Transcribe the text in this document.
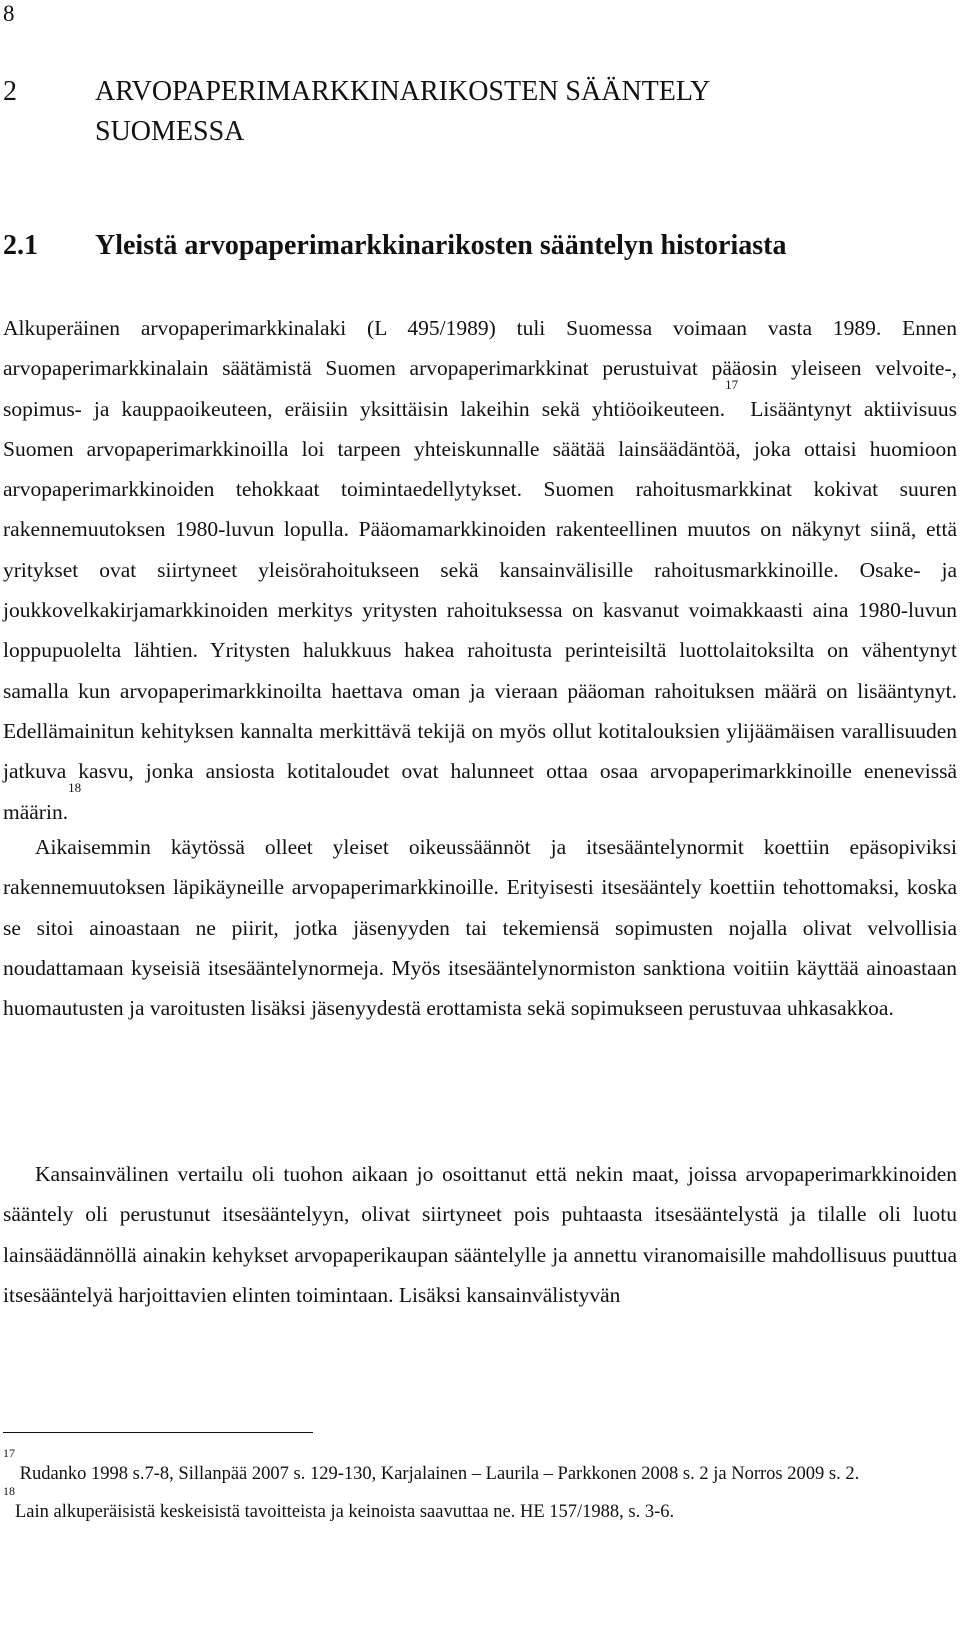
8
2	ARVOPAPERIMARKKINARIKOSTEN SÄÄNTELY SUOMESSA
2.1	Yleistä arvopaperimarkkinarikosten sääntelyn historiasta

Alkuperäinen arvopaperimarkkinalaki (L 495/1989) tuli Suomessa voimaan vasta 1989. Ennen arvopaperimarkkinalain säätämistä Suomen arvopaperimarkkinat perustuivat pääosin yleiseen velvoite-, sopimus- ja kauppaoikeuteen, eräisiin yksittäisin lakeihin sekä yhtiöoikeuteen.$^{17}$ Lisääntynyt aktiivisuus Suomen arvopaperimarkkinoilla loi tarpeen yhteiskunnalle säätää lainsäädäntöä, joka ottaisi huomioon arvopaperimarkkinoiden tehokkaat toimintaedellytykset. Suomen rahoitusmarkkinat kokivat suuren rakennemuutoksen 1980-luvun lopulla. Pääomamarkkinoiden rakenteellinen muutos on näkynyt siinä, että yritykset ovat siirtyneet yleisörahoitukseen sekä kansainvälisille rahoitusmarkkinoille. Osake- ja joukkovelkakirjamarkkinoiden merkitys yritysten rahoituksessa on kasvanut voimakkaasti aina 1980-luvun loppupuolelta lähtien. Yritysten halukkuus hakea rahoitusta perinteisiltä luottolaitoksilta on vähentynyt samalla kun arvopaperimarkkinoilta haettava oman ja vieraan pääoman rahoituksen määrä on lisääntynyt. Edellämainitun kehityksen kannalta merkittävä tekijä on myös ollut kotitalouksien ylijäämäisen varallisuuden jatkuva kasvu, jonka ansiosta kotitaloudet ovat halunneet ottaa osaa arvopaperimarkkinoille enenevissä määrin.$^{18}$

Aikaisemmin käytössä olleet yleiset oikeussäännöt ja itsesääntelynormit koettiin epäsopiviksi rakennemuutoksen läpikäyneille arvopaperimarkkinoille. Erityisesti itsesääntely koettiin tehottomaksi, koska se sitoi ainoastaan ne piirit, jotka jäsenyyden tai tekemiensä sopimusten nojalla olivat velvollisia noudattamaan kyseisiä itsesääntelynormeja. Myös itsesääntelynormiston sanktiona voitiin käyttää ainoastaan huomautusten ja varoitusten lisäksi jäsenyydestä erottamista sekä sopimukseen perustuvaa uhkasakkoa.

Kansainvälinen vertailu oli tuohon aikaan jo osoittanut että nekin maat, joissa arvopaperimarkkinoiden sääntely oli perustunut itsesääntelyyn, olivat siirtyneet pois puhtaasta itsesääntelystä ja tilalle oli luotu lainsäädännöllä ainakin kehykset arvopaperikaupan sääntelylle ja annettu viranomaisille mahdollisuus puuttua itsesääntelyä harjoittavien elinten toimintaan. Lisäksi kansainvälistyvän

$^{17}$ Rudanko 1998 s.7-8, Sillanpää 2007 s. 129-130, Karjalainen – Laurila – Parkkonen 2008 s. 2 ja Norros 2009 s. 2.

$^{18}$Lain alkuperäisistä keskeisistä tavoitteista ja keinoista saavuttaa ne. HE 157/1988, s. 3-6.
